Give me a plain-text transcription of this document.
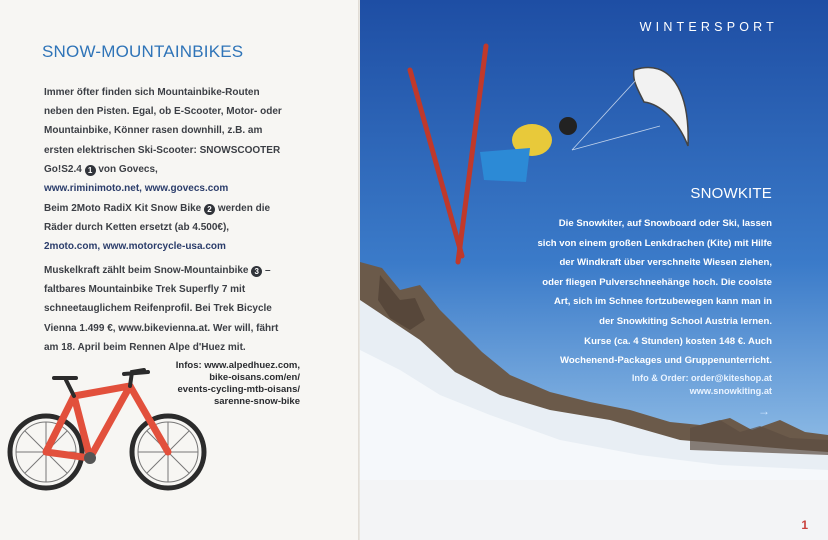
SNOW-MOUNTAINBIKES

Immer öfter finden sich Mountainbike-Routen
neben den Pisten. Egal, ob E-Scooter, Motor- oder
Mountainbike, Könner rasen downhill, z.B. am
ersten elektrischen Ski-Scooter: SNOWSCOOTER
Go!S2.4 1 von Govecs,
www.riminimoto.net, www.govecs.com

Beim 2Moto RadiX Kit Snow Bike 2 werden die
Räder durch Ketten ersetzt (ab 4.500€),
2moto.com, www.motorcycle-usa.com

Muskelkraft zählt beim Snow-Mountainbike 3 –
faltbares Mountainbike Trek Superfly 7 mit
schneetauglichem Reifenprofil. Bei Trek Bicycle
Vienna 1.499 €, www.bikevienna.at. Wer will, fährt
am 18. April beim Rennen Alpe d'Huez mit.

Infos: www.alpedhuez.com,
bike-oisans.com/en/
events-cycling-mtb-oisans/
sarenne-snow-bike

WINTERSPORT

SNOWKITE

Die Snowkiter, auf Snowboard oder Ski, lassen
sich von einem großen Lenkdrachen (Kite) mit Hilfe
der Windkraft über verschneite Wiesen ziehen,
oder fliegen Pulverschneehänge hoch. Die coolste
Art, sich im Schnee fortzubewegen kann man in
der Snowkiting School Austria lernen.
Kurse (ca. 4 Stunden) kosten 148 €. Auch
Wochenend-Packages und Gruppenunterricht.

Info & Order: order@kiteshop.at
www.snowkiting.at

→
1
